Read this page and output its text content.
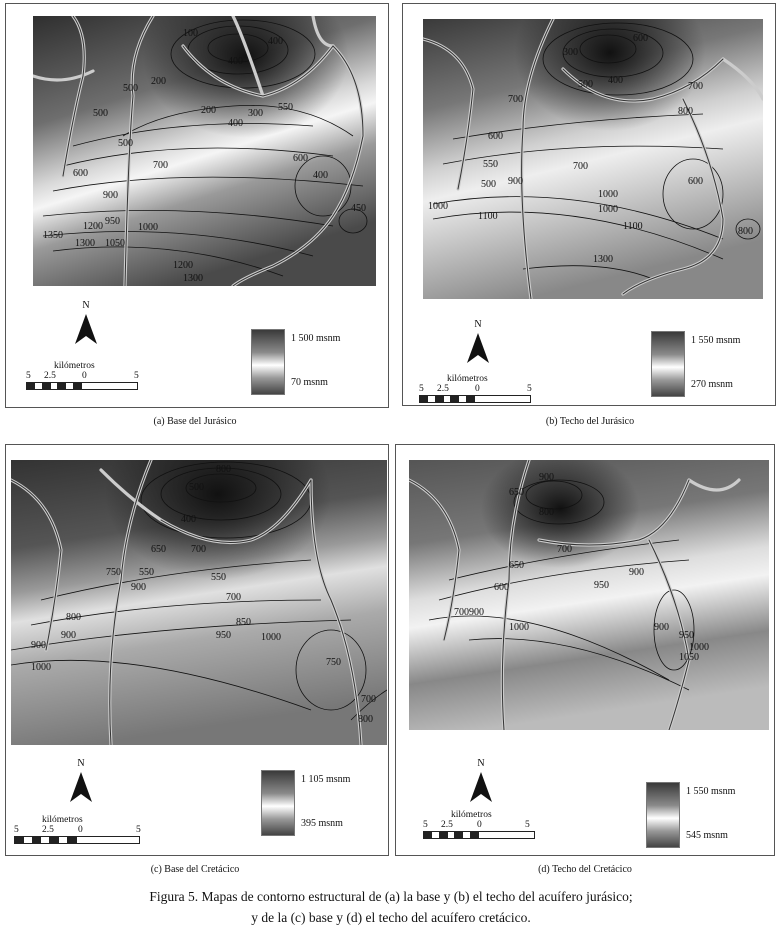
100
400
200
400
500
300
400
500	200	550
600
700
500
600
400
900
450
950
1000
1350
1300
1200
1050
1200
1300
N
kilómetros
5 2.5	0	5
1 500 msnm
70 msnm
(a) Base del Jurásico
600
400
300
500
700
700
600
550
500
800
900
700
600
1000
1000
1100
1000
1100	800
1300
N
kilómetros
5 2.5	0	5
1 550 msnm
270 msnm
(b) Techo del Jurásico
800
500
400
650	700
750 550
900
550
700
850
950	1000
750
800
700
900
1000
800
900
N
kilómetros
5 2.5	0	5
1 105 msnm
395 msnm
(c) Base del Cretácico
900
650
800
700
650
600
900
950
900
700
1000	900
950
1050
1000
N
kilómetros
5 2.5	0	5
1 550 msnm
545 msnm
(d) Techo del Cretácico
Figura 5. Mapas de contorno estructural de (a) la base y (b) el techo del acuífero jurásico;
y de la (c) base y (d) el techo del acuífero cretácico.
